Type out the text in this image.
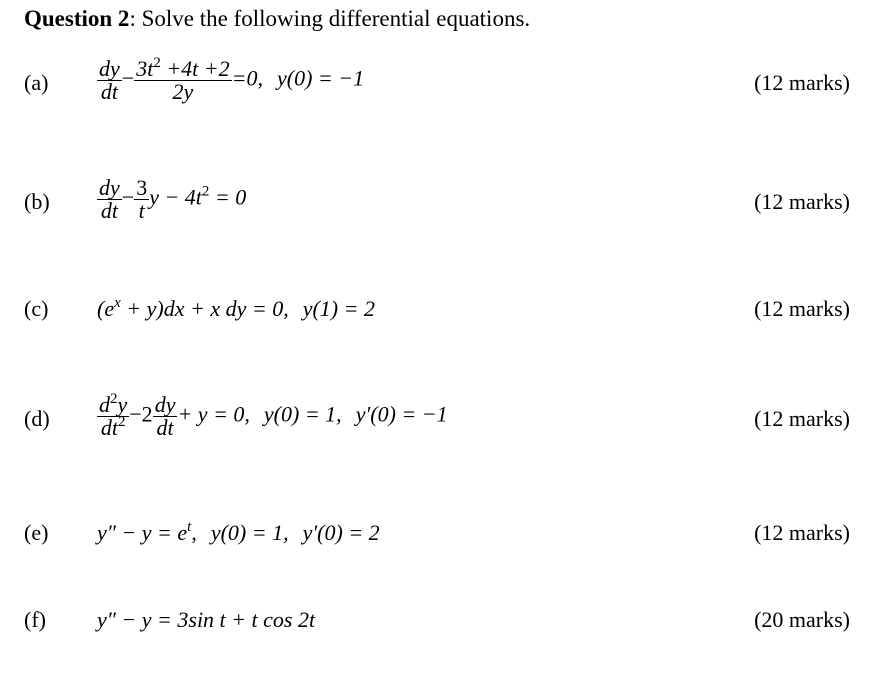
Question 2: Solve the following differential equations.
$(a) \frac{dy}{dt} - \frac{3t^2 +4t +2}{2y} =0$, y(0) = −1	(12 marks)
$(b) \frac{dy}{dt} - \frac{3}{t}$ $y - 4t^2 = 0$	(12 marks)
(c) $(e^x + y)dx + x$ dy = 0, y(1) = 2	(12 marks)
$(d) \frac{d^2y}{dt^2} -2 \frac{dy}{dt} + y = 0$, y(0) = 1, y′(0) = −1	(12 marks)
(e) $y'' - y = e^t$, y(0) = 1, y′(0) = 2	(12 marks)
(f) y″ − y = 3sin t + t cos 2t	(20 marks)
